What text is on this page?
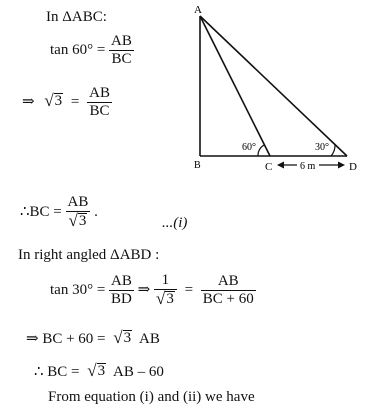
In ΔABC:
$\tan 60^\circ = \frac{AB}{BC}$
⇒ √ $3 = \frac{AB}{BC}$
A
B	C	D
60°	30°
6 m
∴BC = $\frac{AB}{√ 3}$ .
...(i)
In right angled ΔABD :
$\tan 30^\circ = \frac{AB}{BD}$ ⇒ $\frac{1}{√ 3} = \frac{AB}{BC + 60}$
⇒ BC + 60 = √ 3 AB
∴ BC = √ 3 AB – 60
From equation (i) and (ii) we have
